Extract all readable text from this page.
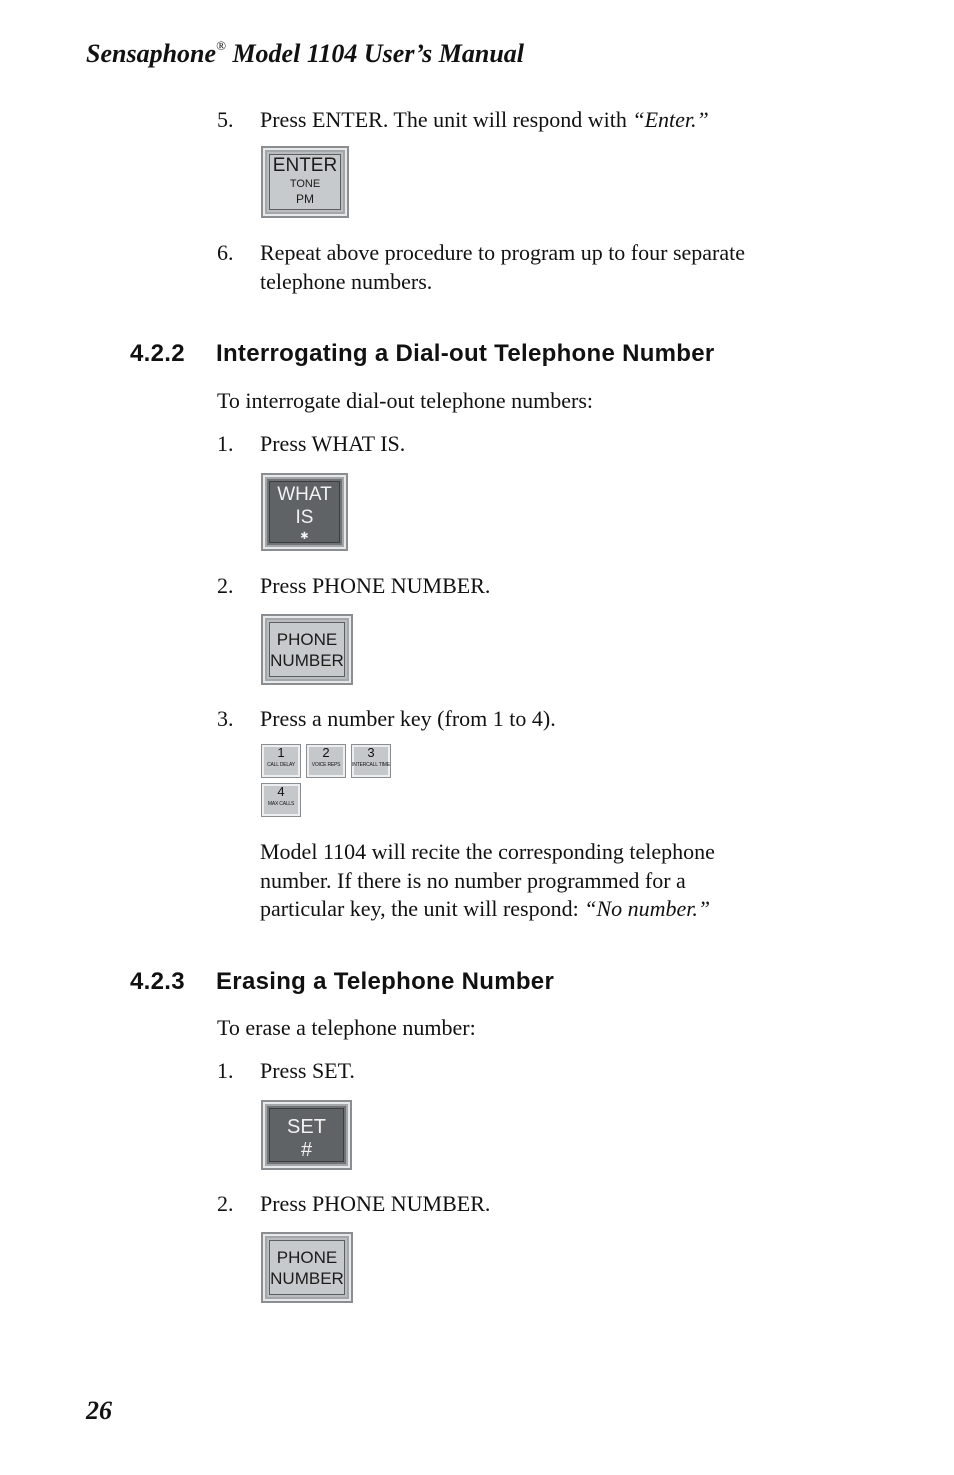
Sensaphone® Model 1104 User’s Manual
5.	Press ENTER. The unit will respond with “Enter.”
ENTER
TONE
PM
6.	Repeat above procedure to program up to four separate
telephone numbers.
4.2.2 Interrogating a Dial-out Telephone Number
To interrogate dial-out telephone numbers:
1.	Press WHAT IS.
WHAT
IS
✱
2.	Press PHONE NUMBER.
PHONE
NUMBER
3.	Press a number key (from 1 to 4).
1
CALL DELAY
2
VOICE REPS
3
INTERCALL TIME
4
MAX CALLS
Model 1104 will recite the corresponding telephone
number. If there is no number programmed for a
particular key, the unit will respond: “No number.”
4.2.3 Erasing a Telephone Number
To erase a telephone number:
1.	Press SET.
SET
#
2.	Press PHONE NUMBER.
PHONE
NUMBER
26
